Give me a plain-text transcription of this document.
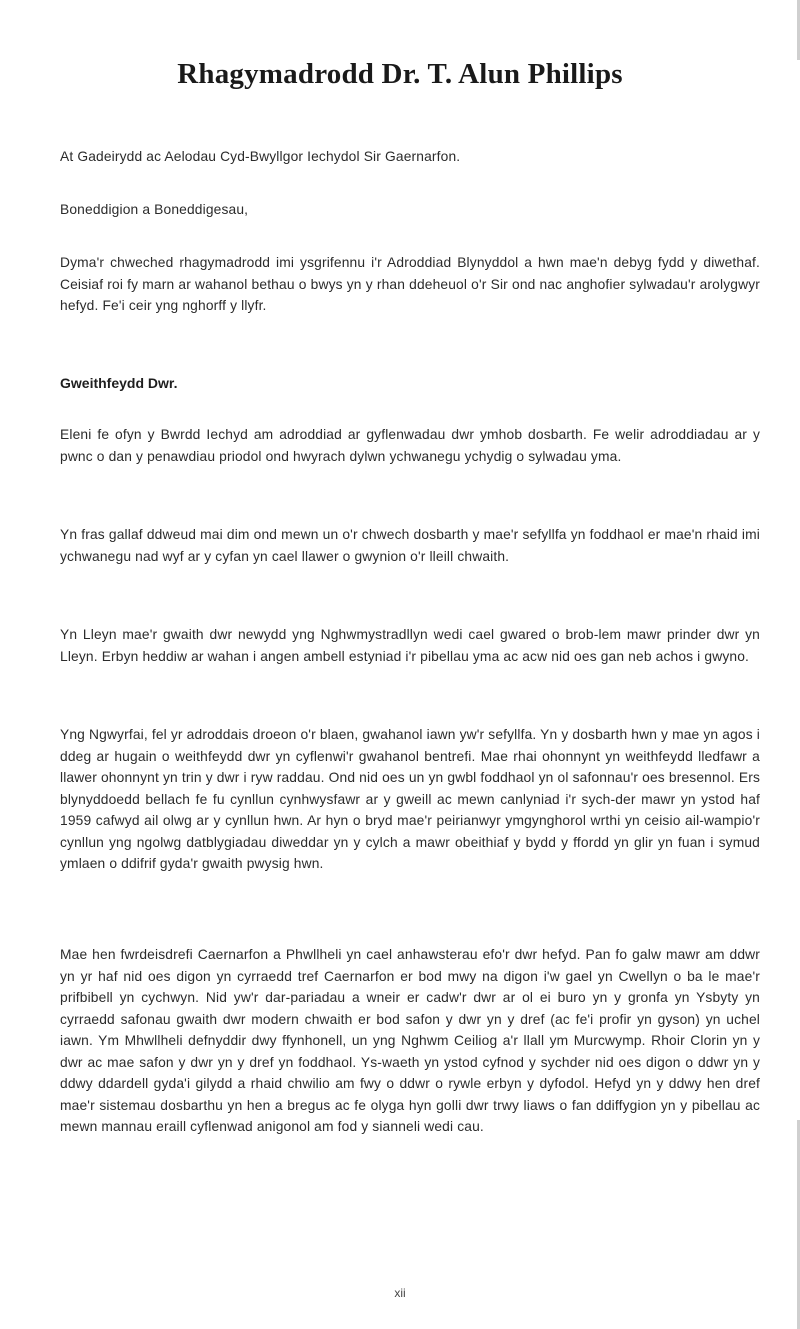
Rhagymadrodd Dr. T. Alun Phillips

At Gadeirydd ac Aelodau Cyd-Bwyllgor Iechydol Sir Gaernarfon.

Boneddigion a Boneddigesau,

Dyma'r chweched rhagymadrodd imi ysgrifennu i'r Adroddiad Blynyddol a hwn mae'n debyg fydd y diwethaf. Ceisiaf roi fy marn ar wahanol bethau o bwys yn y rhan ddeheuol o'r Sir ond nac anghofier sylwadau'r arolygwyr hefyd. Fe'i ceir yng nghorff y llyfr.

Gweithfeydd Dwr.

Eleni fe ofyn y Bwrdd Iechyd am adroddiad ar gyflenwadau dwr ymhob dosbarth. Fe welir adroddiadau ar y pwnc o dan y penawdiau priodol ond hwyrach dylwn ychwanegu ychydig o sylwadau yma.

Yn fras gallaf ddweud mai dim ond mewn un o'r chwech dosbarth y mae'r sefyllfa yn foddhaol er mae'n rhaid imi ychwanegu nad wyf ar y cyfan yn cael llawer o gwynion o'r lleill chwaith.

Yn Lleyn mae'r gwaith dwr newydd yng Nghwmystradllyn wedi cael gwared o brob-lem mawr prinder dwr yn Lleyn. Erbyn heddiw ar wahan i angen ambell estyniad i'r pibellau yma ac acw nid oes gan neb achos i gwyno.

Yng Ngwyrfai, fel yr adroddais droeon o'r blaen, gwahanol iawn yw'r sefyllfa. Yn y dosbarth hwn y mae yn agos i ddeg ar hugain o weithfeydd dwr yn cyflenwi'r gwahanol bentrefi. Mae rhai ohonnynt yn weithfeydd lledfawr a llawer ohonnynt yn trin y dwr i ryw raddau. Ond nid oes un yn gwbl foddhaol yn ol safonnau'r oes bresennol. Ers blynyddoedd bellach fe fu cynllun cynhwysfawr ar y gweill ac mewn canlyniad i'r sych-der mawr yn ystod haf 1959 cafwyd ail olwg ar y cynllun hwn. Ar hyn o bryd mae'r peirianwyr ymgynghorol wrthi yn ceisio ail-wampio'r cynllun yng ngolwg datblygiadau diweddar yn y cylch a mawr obeithiaf y bydd y ffordd yn glir yn fuan i symud ymlaen o ddifrif gyda'r gwaith pwysig hwn.

Mae hen fwrdeisdrefi Caernarfon a Phwllheli yn cael anhawsterau efo'r dwr hefyd. Pan fo galw mawr am ddwr yn yr haf nid oes digon yn cyrraedd tref Caernarfon er bod mwy na digon i'w gael yn Cwellyn o ba le mae'r prifbibell yn cychwyn. Nid yw'r dar-pariadau a wneir er cadw'r dwr ar ol ei buro yn y gronfa yn Ysbyty yn cyrraedd safonau gwaith dwr modern chwaith er bod safon y dwr yn y dref (ac fe'i profir yn gyson) yn uchel iawn. Ym Mhwllheli defnyddir dwy ffynhonell, un yng Nghwm Ceiliog a'r llall ym Murcwymp. Rhoir Clorin yn y dwr ac mae safon y dwr yn y dref yn foddhaol. Ys-waeth yn ystod cyfnod y sychder nid oes digon o ddwr yn y ddwy ddardell gyda'i gilydd a rhaid chwilio am fwy o ddwr o rywle erbyn y dyfodol. Hefyd yn y ddwy hen dref mae'r sistemau dosbarthu yn hen a bregus ac fe olyga hyn golli dwr trwy liaws o fan ddiffygion yn y pibellau ac mewn mannau eraill cyflenwad anigonol am fod y sianneli wedi cau.

xii
